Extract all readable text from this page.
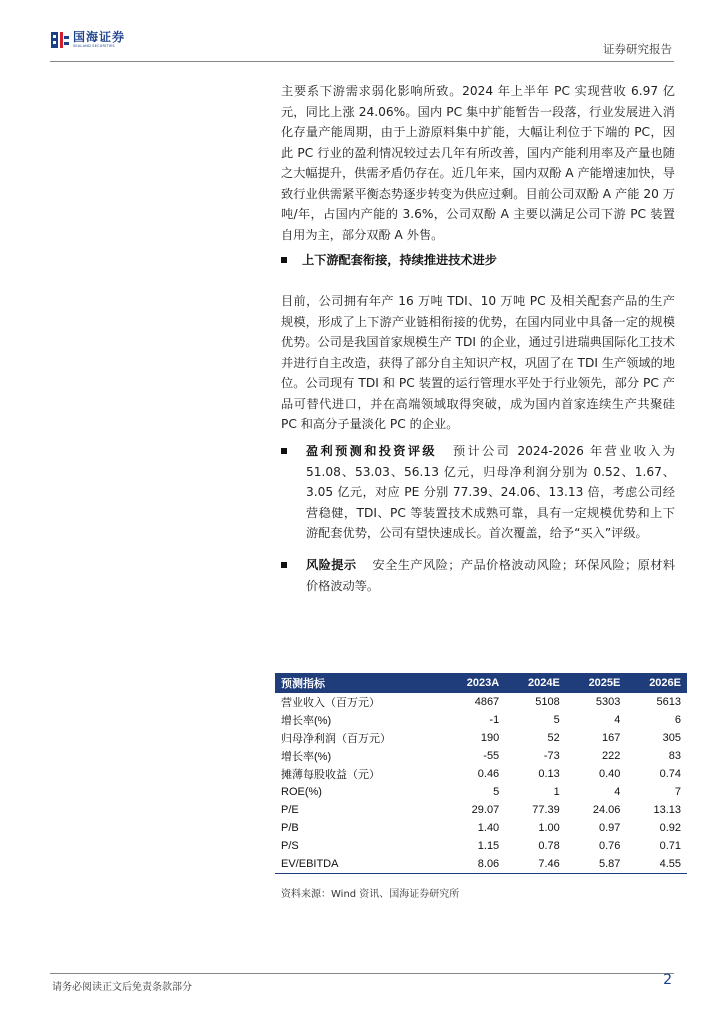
国海证券
SEALAND SECURITIES	证券研究报告

主要系下游需求弱化影响所致。2024 年上半年 PC 实现营收 6.97 亿元，同比上涨 24.06%。国内 PC 集中扩能暂告一段落，行业发展进入消化存量产能周期，由于上游原料集中扩能，大幅让利位于下端的 PC，因此 PC 行业的盈利情况较过去几年有所改善，国内产能利用率及产量也随之大幅提升，供需矛盾仍存在。近几年来，国内双酚 A 产能增速加快，导致行业供需紧平衡态势逐步转变为供应过剩。目前公司双酚 A 产能 20 万吨/年，占国内产能的 3.6%，公司双酚 A 主要以满足公司下游 PC 装置自用为主，部分双酚 A 外售。

上下游配套衔接，持续推进技术进步

目前，公司拥有年产 16 万吨 TDI、10 万吨 PC 及相关配套产品的生产规模，形成了上下游产业链相衔接的优势，在国内同业中具备一定的规模优势。公司是我国首家规模生产 TDI 的企业，通过引进瑞典国际化工技术并进行自主改造，获得了部分自主知识产权，巩固了在 TDI 生产领域的地位。公司现有 TDI 和 PC 装置的运行管理水平处于行业领先，部分 PC 产品可替代进口，并在高端领域取得突破，成为国内首家连续生产共聚硅 PC 和高分子量淡化 PC 的企业。

盈利预测和投资评级 预计公司 2024-2026 年营业收入为 51.08、53.03、56.13 亿元，归母净利润分别为 0.52、1.67、3.05 亿元，对应 PE 分别 77.39、24.06、13.13 倍，考虑公司经营稳健，TDI、PC 等装置技术成熟可靠，具有一定规模优势和上下游配套优势，公司有望快速成长。首次覆盖，给予“买入”评级。
风险提示 安全生产风险；产品价格波动风险；环保风险；原材料价格波动等。
预测指标	2023A	2024E	2025E	2026E
营业收入（百万元）	4867	5108	5303	5613
增长率(%)	-1	5	4	6
归母净利润（百万元）	190	52	167	305
增长率(%)	-55	-73	222	83
摊薄每股收益（元）	0.46	0.13	0.40	0.74
ROE(%)	5	1	4	7
P/E	29.07	77.39	24.06	13.13
P/B	1.40	1.00	0.97	0.92
P/S	1.15	0.78	0.76	0.71
EV/EBITDA	8.06	7.46	5.87	4.55
资料来源：Wind 资讯、国海证券研究所
请务必阅读正文后免责条款部分	2
